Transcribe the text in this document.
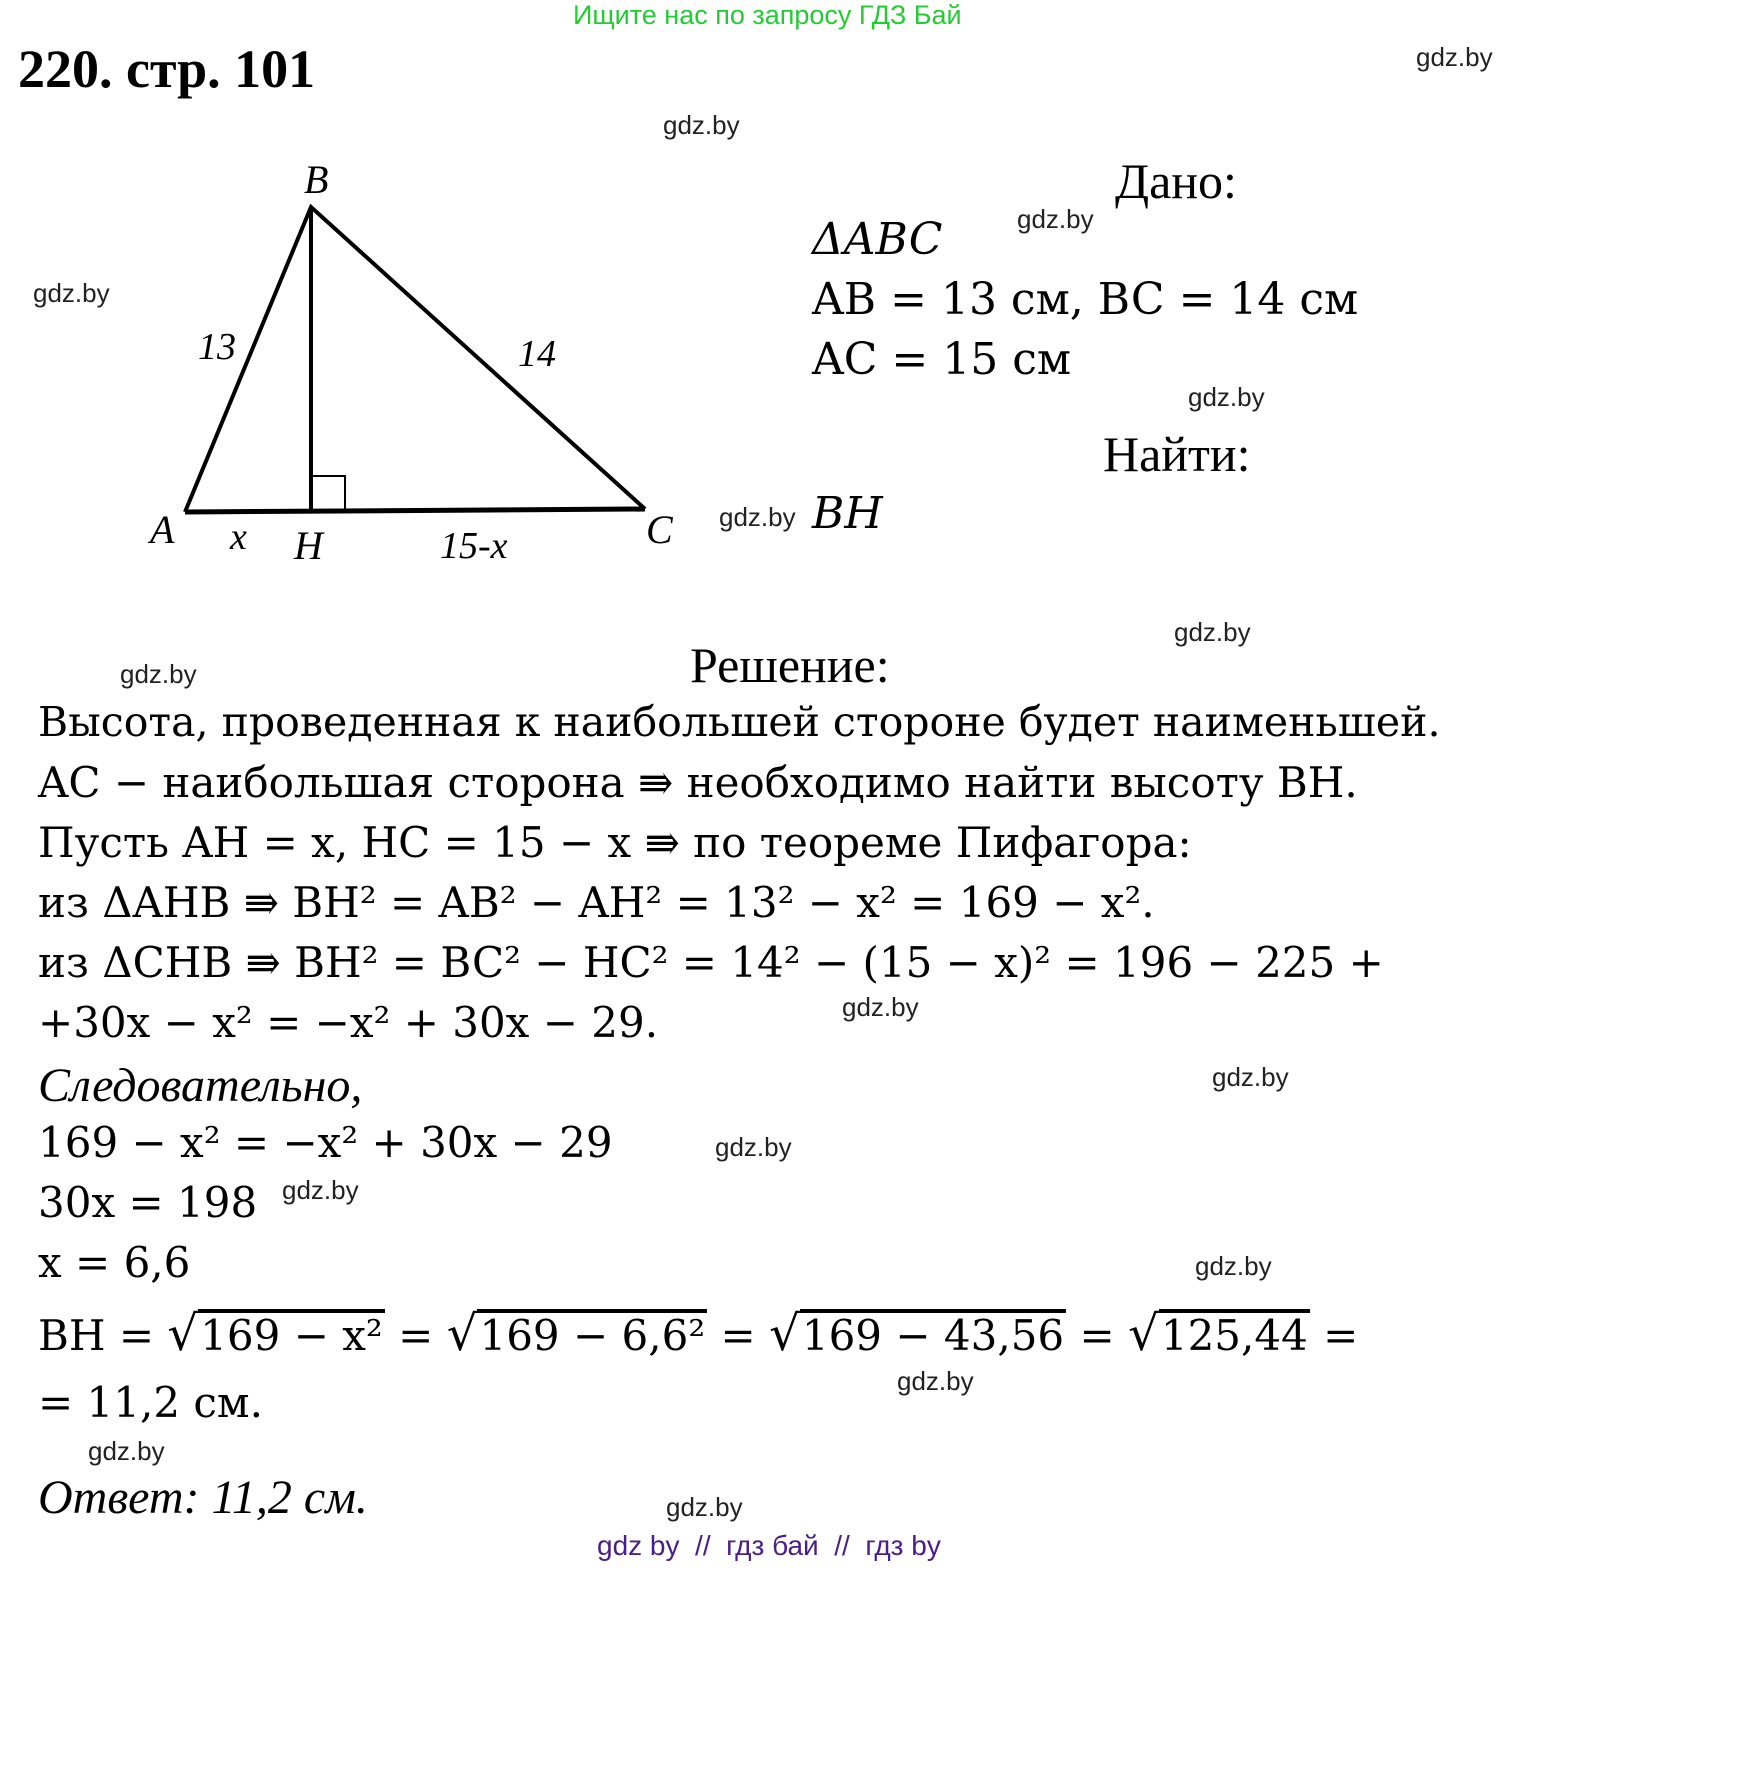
Ищите нас по запросу ГДЗ Бай
220. стр. 101	gdz.by
gdz.by
gdz.by
gdz.by
gdz.by
gdz.by
gdz.by
gdz.by
gdz.by
gdz.by
gdz.by
gdz.by
gdz.by
gdz.by
gdz.by
gdz.by
B
A	H	C
13	14
x	15-x
Дано:
ΔABC
AB = 13 см, BC = 14 см
AC = 15 см
Найти:
BH
Решение:
Высота, проведенная к наибольшей стороне будет наименьшей.
AC − наибольшая сторона ⇛ необходимо найти высоту BH.
Пусть AH = x, HC = 15 − x ⇛ по теореме Пифагора:
из ΔAHB ⇛ BH² = AB² − AH² = 13² − x² = 169 − x².
из ΔCHB ⇛ BH² = BC² − HC² = 14² − (15 − x)² = 196 − 225 +
+30x − x² = −x² + 30x − 29.
Следовательно,
169 − x² = −x² + 30x − 29
30x = 198
x = 6,6
BH = √169 − x² = √169 − 6,6² = √169 − 43,56 = √125,44 =
= 11,2 см.
Ответ: 11,2 см.
gdz by  //  гдз бай  //  гдз by
